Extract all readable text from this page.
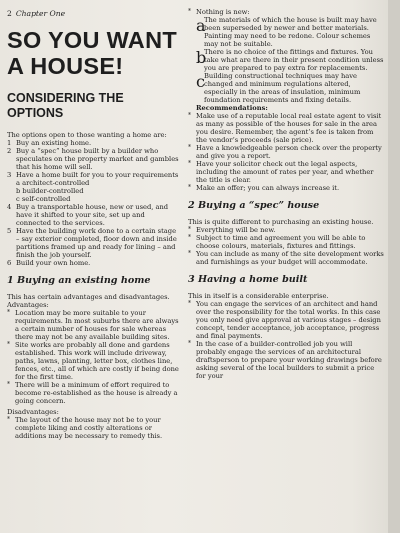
2 Chapter One
SO YOU WANT A HOUSE!
CONSIDERING THE OPTIONS

The options open to those wanting a home are:

1 Buy an existing home.
2 Buy a “spec” house built by a builder who speculates on the property market and gambles that his home will sell.
3 Have a home built for you to your requirements
a architect-controlled
b builder-controlled
c self-controlled
4 Buy a transportable house, new or used, and have it shifted to your site, set up and connected to the services.
5 Have the building work done to a certain stage – say exterior completed, floor down and inside partitions framed up and ready for lining – and finish the job yourself.
6 Build your own home.
1 Buying an existing home

This has certain advantages and disadvantages.

Advantages:

* Location may be more suitable to your requirements. In most suburbs there are always a certain number of houses for sale whereas there may not be any available building sites.
* Site works are probably all done and gardens established. This work will include driveway, paths, lawns, planting, letter box, clothes line, fences, etc., all of which are costly if being done for the first time.
* There will be a minimum of effort required to become re-established as the house is already a going concern.

Disadvantages:

* The layout of the house may not be to your complete liking and costly alterations or additions may be necessary to remedy this.
* Nothing is new:
a

The materials of which the house is built may have been superseded by newer and better materials. Painting may need to be redone. Colour schemes may not be suitable.

b

There is no choice of the fittings and fixtures. You take what are there in their present condition unless you are prepared to pay extra for replacements.

c Building constructional techniques may have changed and minimum regulations altered, especially in the areas of insulation, minimum foundation requirements and fixing details.

Recommendations:

* Make use of a reputable local real estate agent to visit as many as possible of the houses for sale in the area you desire. Remember, the agent’s fee is taken from the vendor’s proceeds (sale price).
* Have a knowledgeable person check over the property and give you a report.
* Have your solicitor check out the legal aspects, including the amount of rates per year, and whether the title is clear.
* Make an offer; you can always increase it.
2 Buying a “spec” house

This is quite different to purchasing an existing house.

* Everything will be new.
* Subject to time and agreement you will be able to choose colours, materials, fixtures and fittings.
* You can include as many of the site development works and furnishings as your budget will accommodate.
3 Having a home built

This in itself is a considerable enterprise.

* You can engage the services of an architect and hand over the responsibility for the total works. In this case you only need give approval at various stages – design concept, tender acceptance, job acceptance, progress and final payments.
* In the case of a builder-controlled job you will probably engage the services of an architectural draftsperson to prepare your working drawings before asking several of the local builders to submit a price for your
